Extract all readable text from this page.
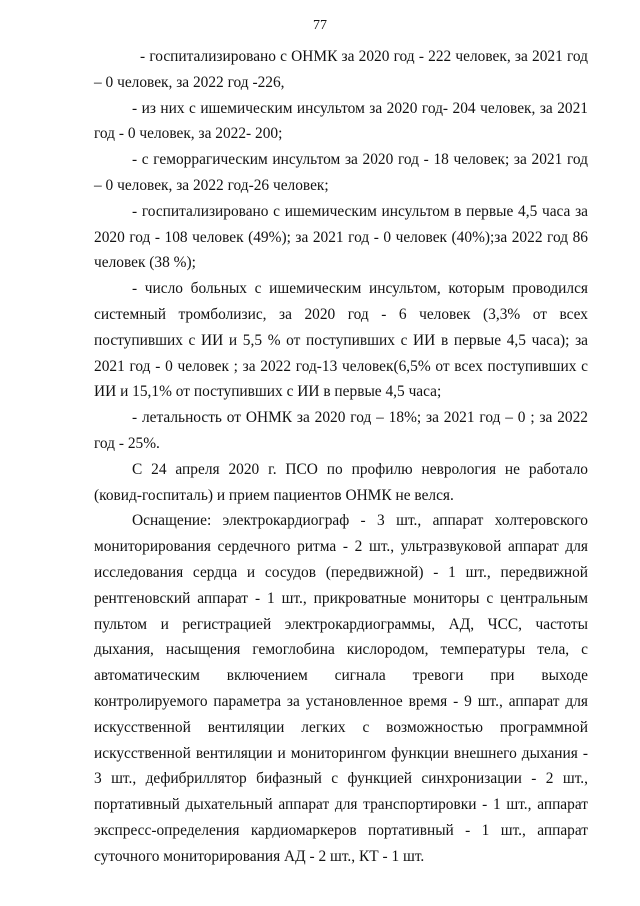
77

- госпитализировано с ОНМК за 2020 год - 222 человек, за 2021 год – 0 человек, за 2022 год -226,

- из них с ишемическим инсультом за 2020 год- 204 человек, за 2021 год - 0 человек, за 2022- 200;

- с геморрагическим инсультом за 2020 год - 18 человек; за 2021 год – 0 человек, за 2022 год-26 человек;

- госпитализировано с ишемическим инсультом в первые 4,5 часа за 2020 год - 108 человек (49%); за 2021 год - 0 человек (40%);за 2022 год 86 человек (38 %);

- число больных с ишемическим инсультом, которым проводился системный тромболизис, за 2020 год - 6 человек (3,3% от всех поступивших с ИИ и 5,5 % от поступивших с ИИ в первые 4,5 часа); за 2021 год - 0 человек ; за 2022 год-13 человек(6,5% от всех поступивших с ИИ и 15,1% от поступивших с ИИ в первые 4,5 часа;

- летальность от ОНМК за 2020 год – 18%; за 2021 год – 0 ; за 2022 год - 25%.

С 24 апреля 2020 г. ПСО по профилю неврология не работало (ковид-госпиталь) и прием пациентов ОНМК не велся.

Оснащение: электрокардиограф - 3 шт., аппарат холтеровского мониторирования сердечного ритма - 2 шт., ультразвуковой аппарат для исследования сердца и сосудов (передвижной) - 1 шт., передвижной рентгеновский аппарат - 1 шт., прикроватные мониторы с центральным пультом и регистрацией электрокардиограммы, АД, ЧСС, частоты дыхания, насыщения гемоглобина кислородом, температуры тела, с автоматическим включением сигнала тревоги при выходе контролируемого параметра за установленное время - 9 шт., аппарат для искусственной вентиляции легких с возможностью программной искусственной вентиляции и мониторингом функции внешнего дыхания - 3 шт., дефибриллятор бифазный с функцией синхронизации - 2 шт., портативный дыхательный аппарат для транспортировки - 1 шт., аппарат экспресс-определения кардиомаркеров портативный - 1 шт., аппарат суточного мониторирования АД - 2 шт., КТ - 1 шт.
